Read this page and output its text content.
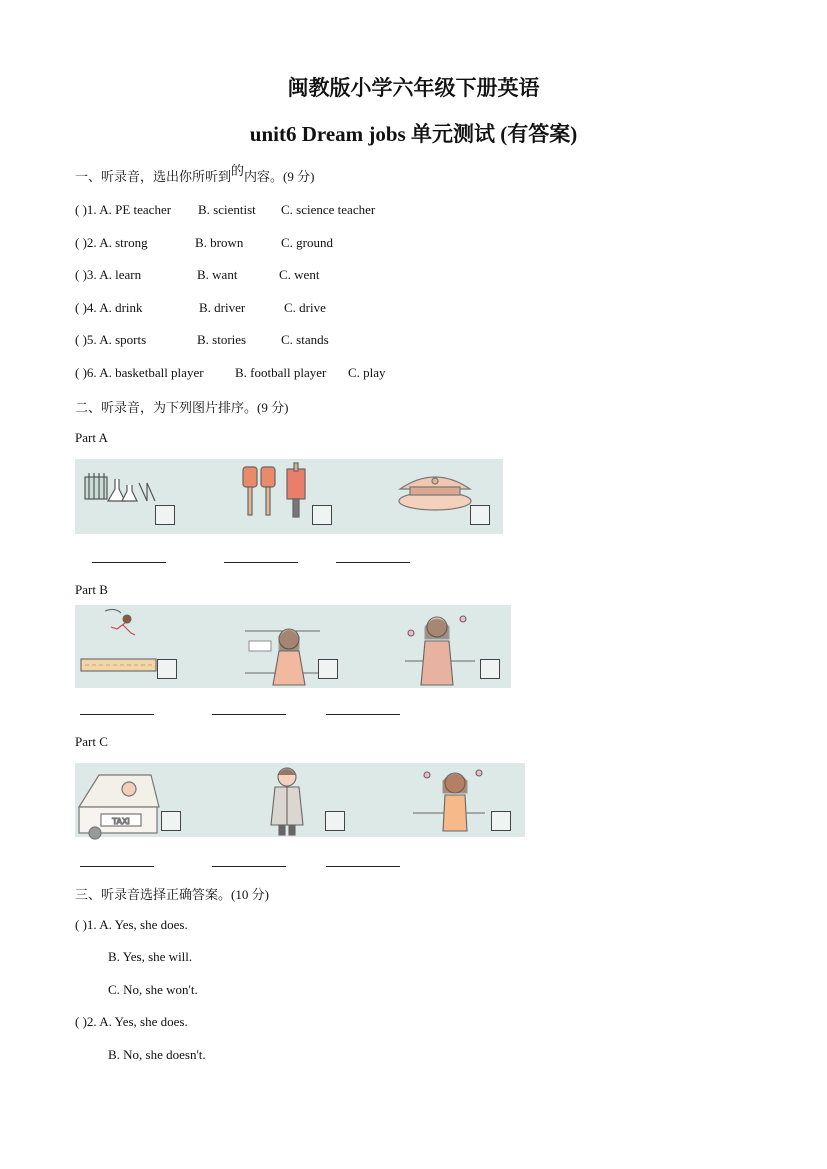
闽教版小学六年级下册英语
unit6 Dream jobs 单元测试 (有答案)
一、听录音，选出你所听到的内容。(9 分)
( )1. A. PE teacher B. scientist C. science teacher
( )2. A. strong	B. brown	C. ground
( )3. A. learn	B. want	C. went
( )4. A. drink	B. driver	C. drive
( )5. A. sports	B. stories	C. stands
( )6. A. basketball player B. football player C. play
二、听录音，为下列图片排序。(9 分)
Part A
Part B
Part C
TAXI
三、听录音选择正确答案。(10 分)
( )1. A. Yes, she does.
B. Yes, she will.
C. No, she won't.
( )2. A. Yes, she does.
B. No, she doesn't.
